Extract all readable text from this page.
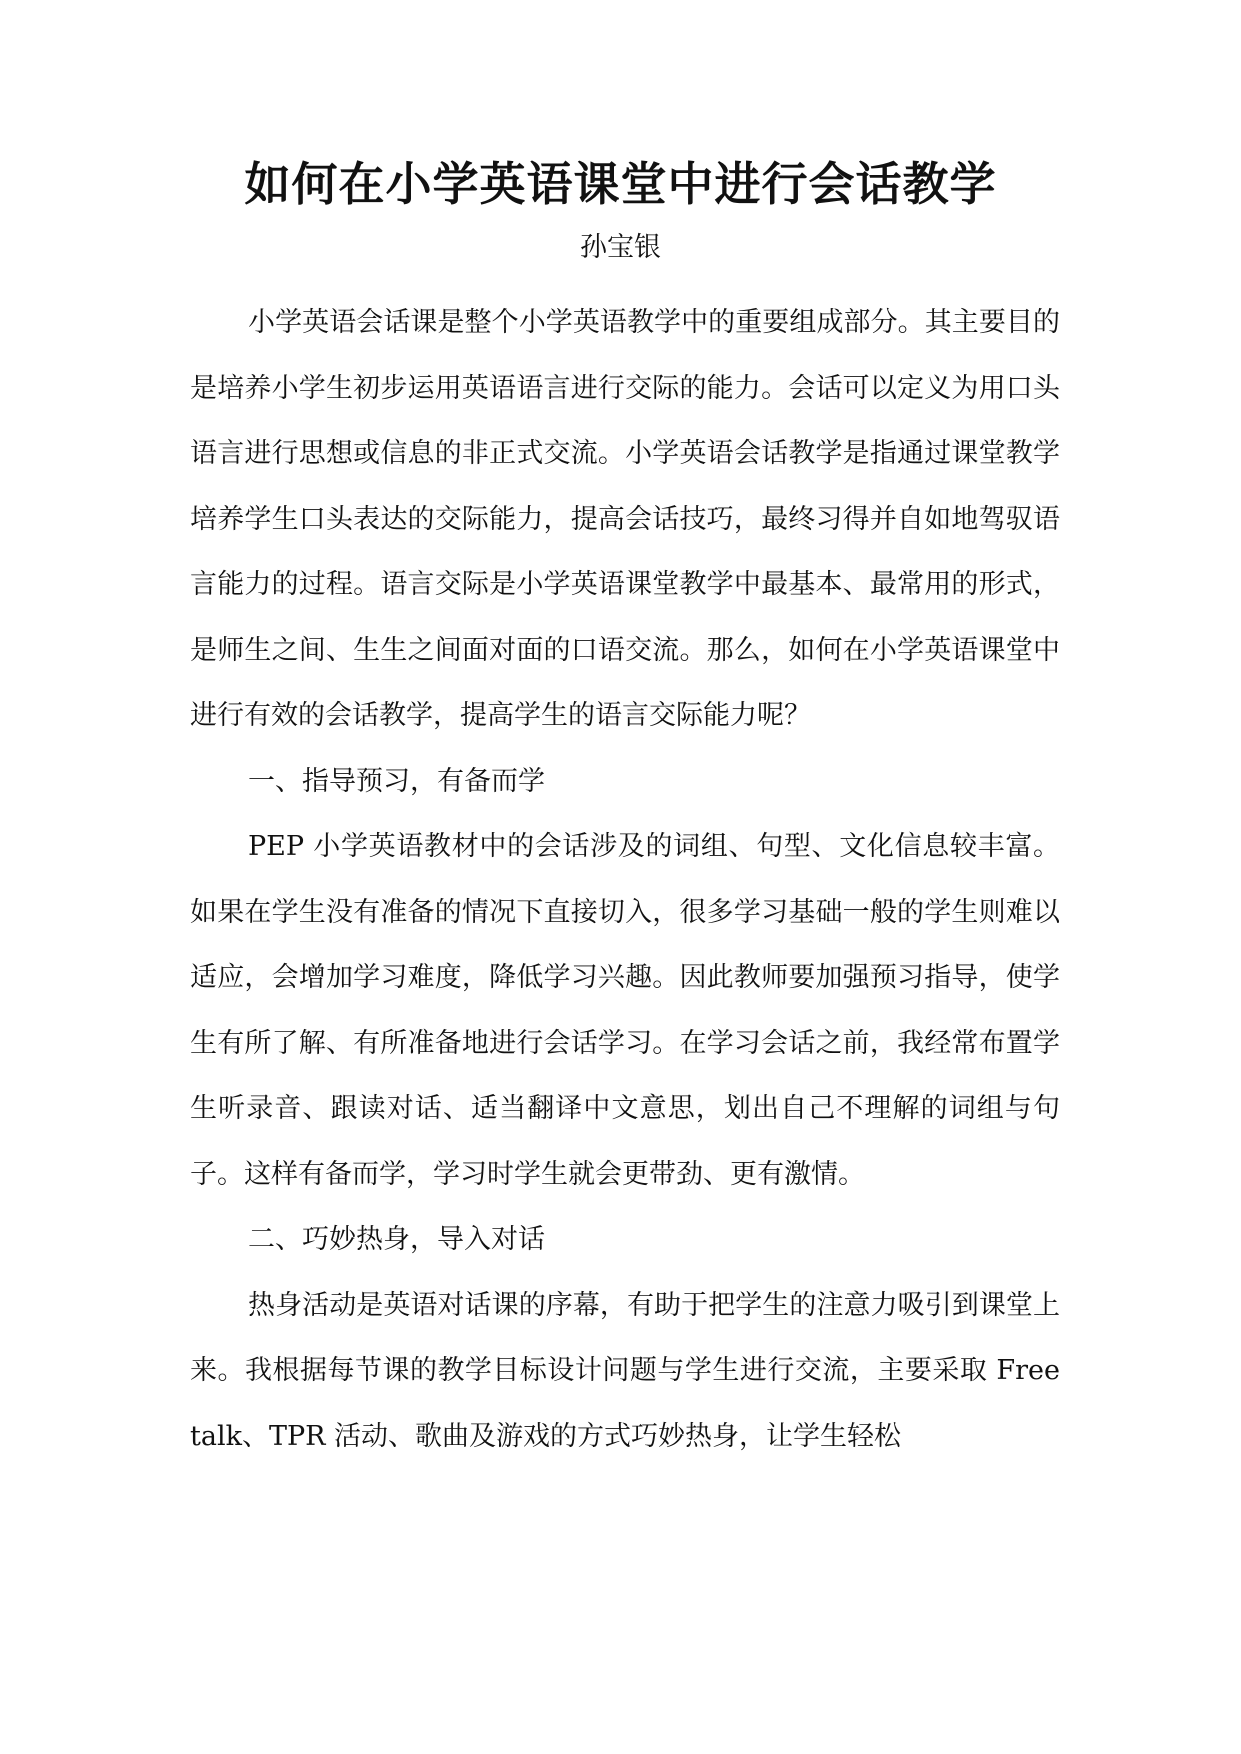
如何在小学英语课堂中进行会话教学
孙宝银

小学英语会话课是整个小学英语教学中的重要组成部分。其主要目的是培养小学生初步运用英语语言进行交际的能力。会话可以定义为用口头语言进行思想或信息的非正式交流。小学英语会话教学是指通过课堂教学培养学生口头表达的交际能力，提高会话技巧，最终习得并自如地驾驭语言能力的过程。语言交际是小学英语课堂教学中最基本、最常用的形式，是师生之间、生生之间面对面的口语交流。那么，如何在小学英语课堂中进行有效的会话教学，提高学生的语言交际能力呢？

一、指导预习，有备而学

PEP 小学英语教材中的会话涉及的词组、句型、文化信息较丰富。如果在学生没有准备的情况下直接切入，很多学习基础一般的学生则难以适应，会增加学习难度，降低学习兴趣。因此教师要加强预习指导，使学生有所了解、有所准备地进行会话学习。在学习会话之前，我经常布置学生听录音、跟读对话、适当翻译中文意思，划出自己不理解的词组与句子。这样有备而学，学习时学生就会更带劲、更有激情。

二、巧妙热身，导入对话

热身活动是英语对话课的序幕，有助于把学生的注意力吸引到课堂上来。我根据每节课的教学目标设计问题与学生进行交流，主要采取 Free talk、TPR 活动、歌曲及游戏的方式巧妙热身，让学生轻松
